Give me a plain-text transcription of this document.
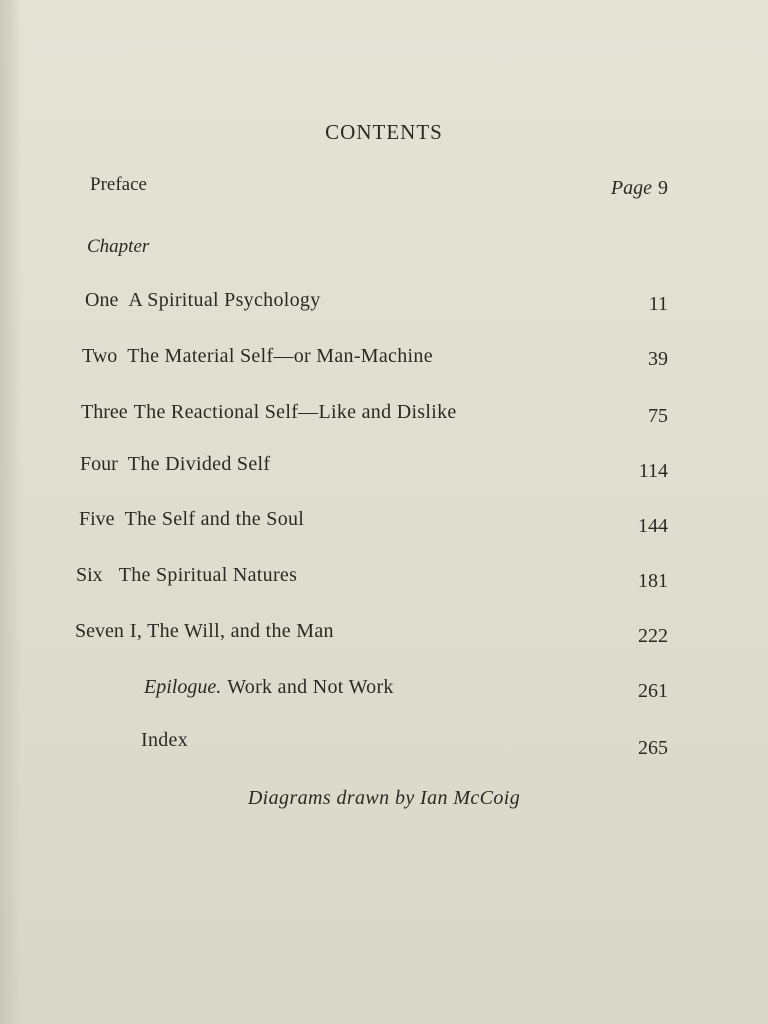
CONTENTS
Preface	Page 9
Chapter
One A Spiritual Psychology	11
Two The Material Self—or Man-Machine	39
Three The Reactional Self—Like and Dislike	75
Four The Divided Self	114
Five The Self and the Soul	144
Six The Spiritual Natures	181
Seven I, The Will, and the Man	222
Epilogue. Work and Not Work	261
Index	265
Diagrams drawn by Ian McCoig
